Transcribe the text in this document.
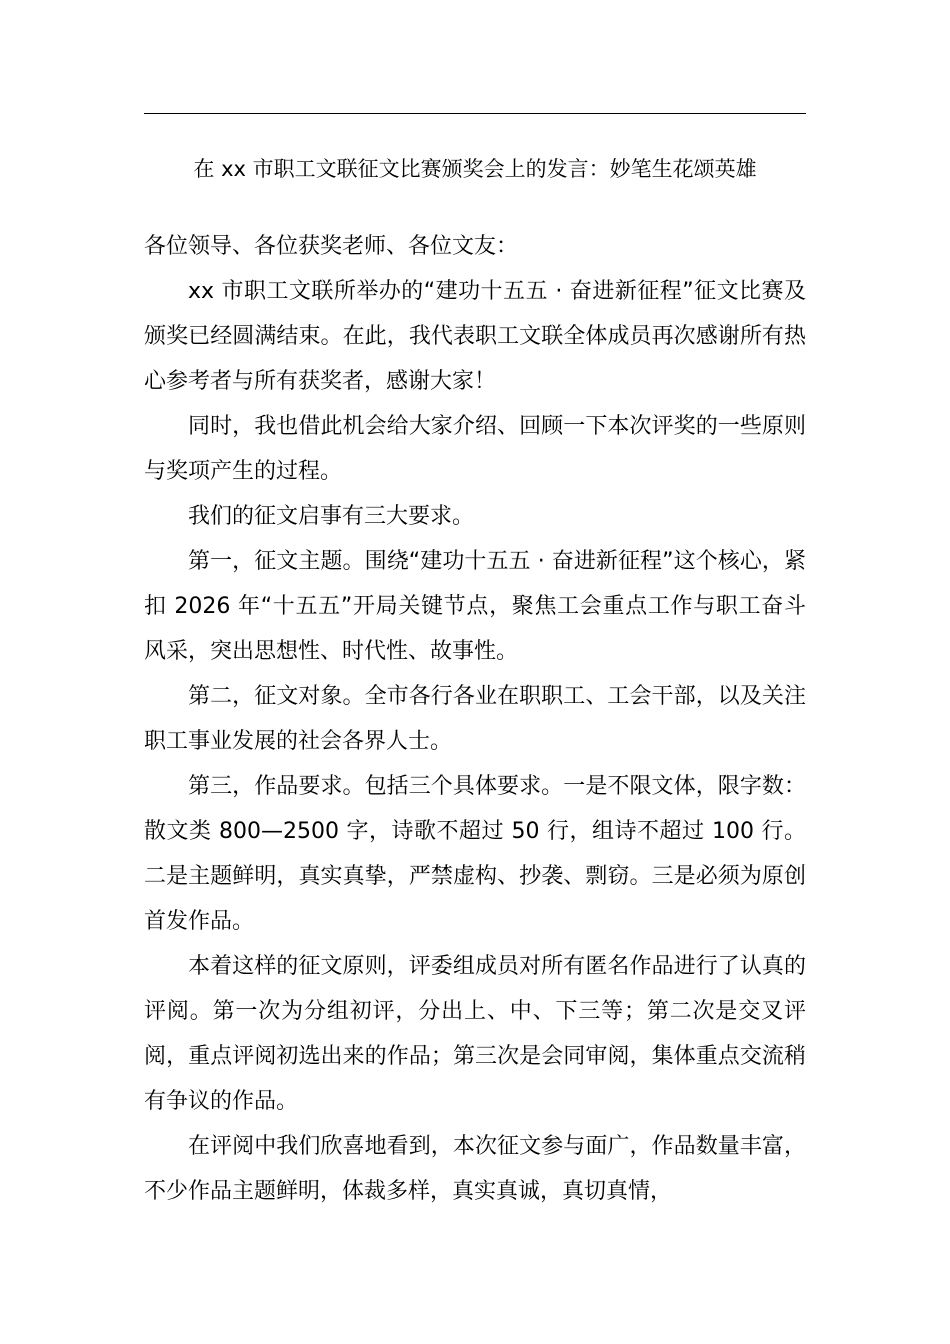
在 xx 市职工文联征文比赛颁奖会上的发言：妙笔生花颂英雄

各位领导、各位获奖老师、各位文友：

xx 市职工文联所举办的“建功十五五 · 奋进新征程”征文比赛及颁奖已经圆满结束。在此，我代表职工文联全体成员再次感谢所有热心参考者与所有获奖者，感谢大家！

同时，我也借此机会给大家介绍、回顾一下本次评奖的一些原则与奖项产生的过程。

我们的征文启事有三大要求。

第一，征文主题。围绕“建功十五五 · 奋进新征程”这个核心，紧扣 2026 年“十五五”开局关键节点，聚焦工会重点工作与职工奋斗风采，突出思想性、时代性、故事性。

第二，征文对象。全市各行各业在职职工、工会干部，以及关注职工事业发展的社会各界人士。

第三，作品要求。包括三个具体要求。一是不限文体，限字数：散文类 800—2500 字，诗歌不超过 50 行，组诗不超过 100 行。二是主题鲜明，真实真挚，严禁虚构、抄袭、剽窃。三是必须为原创首发作品。

本着这样的征文原则，评委组成员对所有匿名作品进行了认真的评阅。第一次为分组初评，分出上、中、下三等；第二次是交叉评阅，重点评阅初选出来的作品；第三次是会同审阅，集体重点交流稍有争议的作品。

在评阅中我们欣喜地看到，本次征文参与面广，作品数量丰富，不少作品主题鲜明，体裁多样，真实真诚，真切真情，
